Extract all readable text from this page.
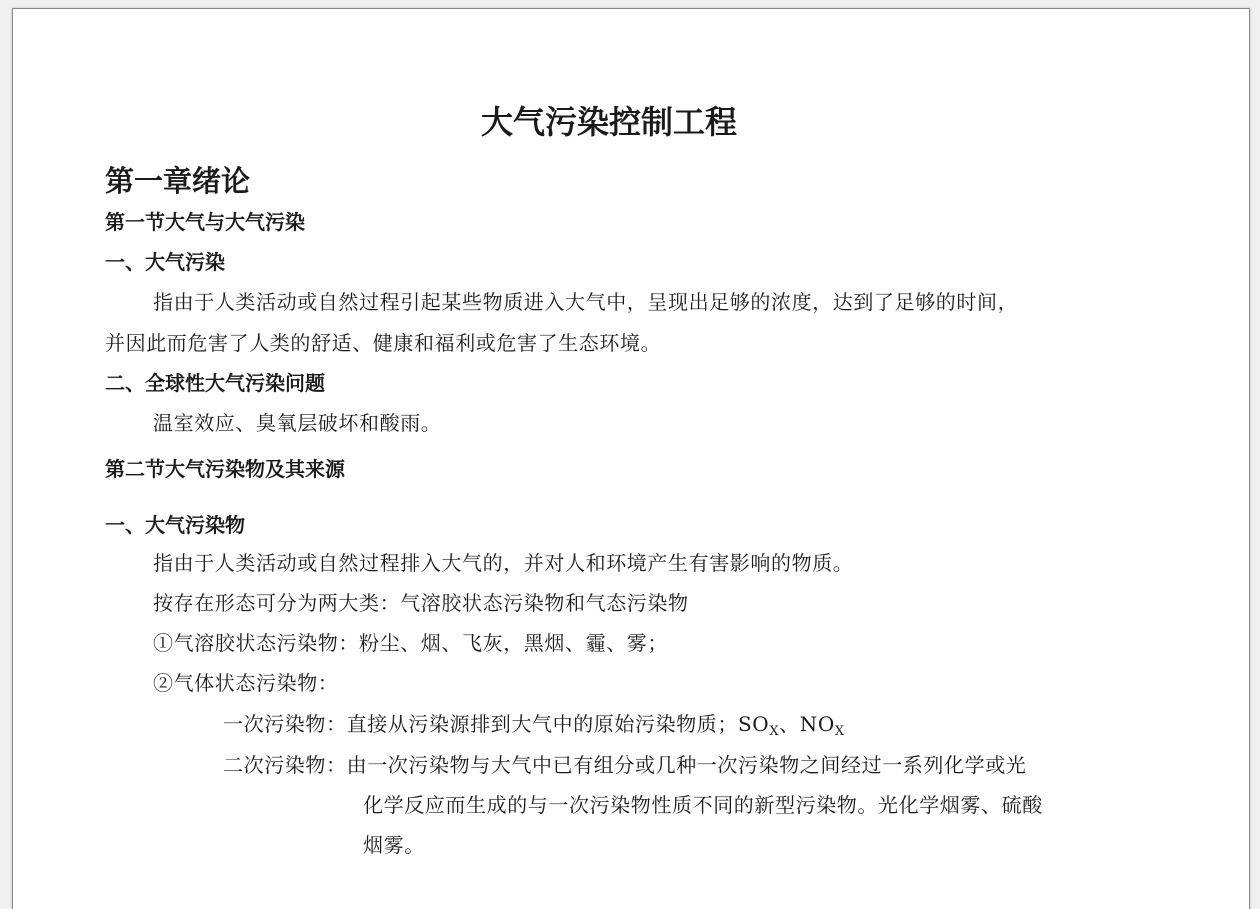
大气污染控制工程
第一章绪论
第一节大气与大气污染
一、大气污染
指由于人类活动或自然过程引起某些物质进入大气中，呈现出足够的浓度，达到了足够的时间，
并因此而危害了人类的舒适、健康和福利或危害了生态环境。
二、全球性大气污染问题
温室效应、臭氧层破坏和酸雨。
第二节大气污染物及其来源
一、大气污染物
指由于人类活动或自然过程排入大气的，并对人和环境产生有害影响的物质。
按存在形态可分为两大类：气溶胶状态污染物和气态污染物
①气溶胶状态污染物：粉尘、烟、飞灰，黑烟、霾、雾；
②气体状态污染物：
一次污染物：直接从污染源排到大气中的原始污染物质；$SO_X$、$NO_X$
二次污染物：由一次污染物与大气中已有组分或几种一次污染物之间经过一系列化学或光
化学反应而生成的与一次污染物性质不同的新型污染物。光化学烟雾、硫酸
烟雾。
